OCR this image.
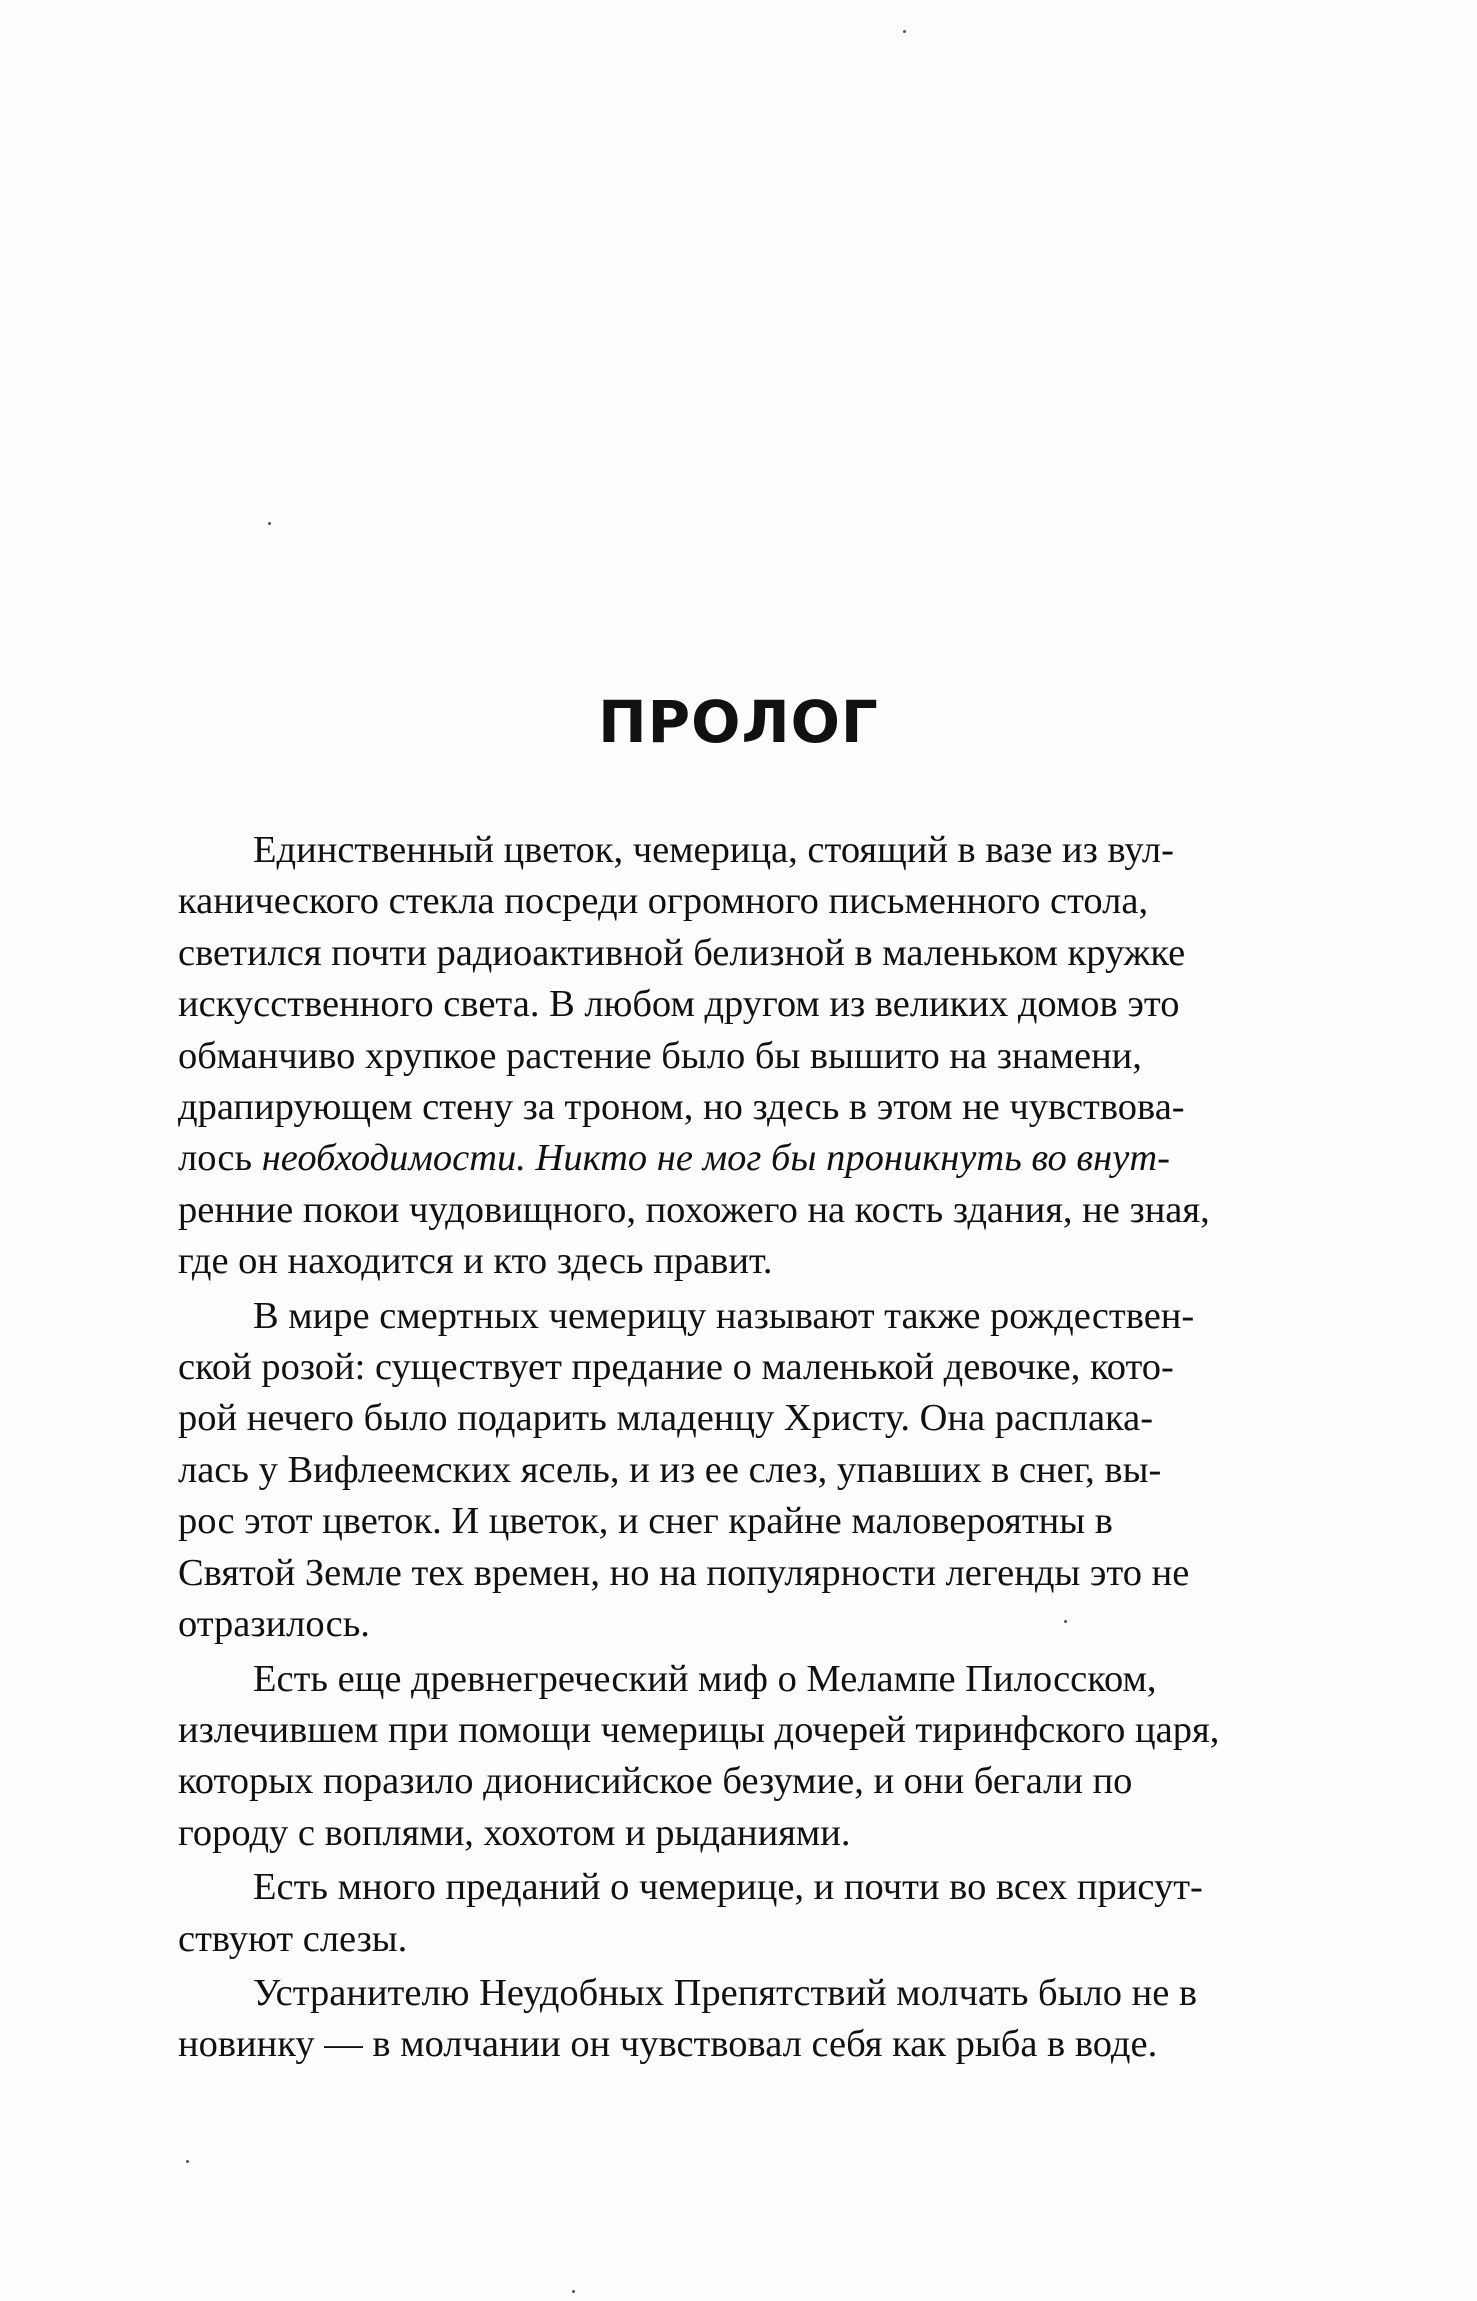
ПРОЛОГ

Единственный цветок, чемерица, стоящий в вазе из вул-
канического стекла посреди огромного письменного стола,
светился почти радиоактивной белизной в маленьком кружке
искусственного света. В любом другом из великих домов это
обманчиво хрупкое растение было бы вышито на знамени,
драпирующем стену за троном, но здесь в этом не чувствова-
лось необходимости. Никто не мог бы проникнуть во внут-
ренние покои чудовищного, похожего на кость здания, не зная,
где он находится и кто здесь правит.

В мире смертных чемерицу называют также рождествен-
ской розой: существует предание о маленькой девочке, кото-
рой нечего было подарить младенцу Христу. Она расплака-
лась у Вифлеемских ясель, и из ее слез, упавших в снег, вы-
рос этот цветок. И цветок, и снег крайне маловероятны в
Святой Земле тех времен, но на популярности легенды это не
отразилось.

Есть еще древнегреческий миф о Мелампе Пилосском,
излечившем при помощи чемерицы дочерей тиринфского царя,
которых поразило дионисийское безумие, и они бегали по
городу с воплями, хохотом и рыданиями.

Есть много преданий о чемерице, и почти во всех присут-
ствуют слезы.

Устранителю Неудобных Препятствий молчать было не в
новинку — в молчании он чувствовал себя как рыба в воде.
